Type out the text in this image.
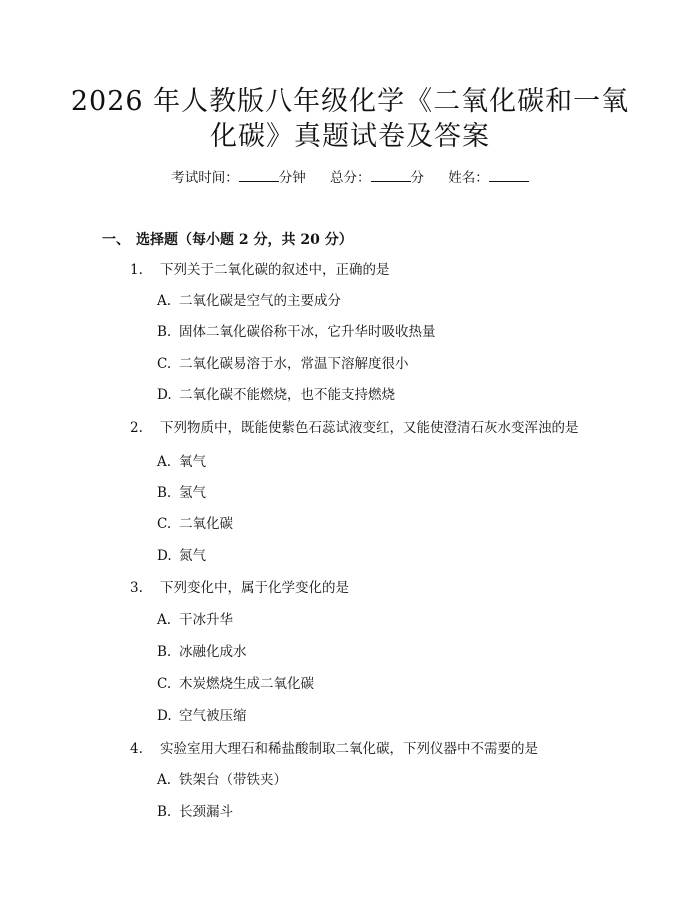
2026 年人教版八年级化学《二氧化碳和一氧
化碳》真题试卷及答案
考试时间：	分钟 总分：	分 姓名：
一、 选择题（每小题 2 分，共 20 分）
1. 下列关于二氧化碳的叙述中，正确的是
A. 二氧化碳是空气的主要成分
B. 固体二氧化碳俗称干冰，它升华时吸收热量
C. 二氧化碳易溶于水，常温下溶解度很小
D. 二氧化碳不能燃烧，也不能支持燃烧
2. 下列物质中，既能使紫色石蕊试液变红，又能使澄清石灰水变浑浊的是
A. 氧气
B. 氢气
C. 二氧化碳
D. 氮气
3. 下列变化中，属于化学变化的是
A. 干冰升华
B. 冰融化成水
C. 木炭燃烧生成二氧化碳
D. 空气被压缩
4. 实验室用大理石和稀盐酸制取二氧化碳，下列仪器中不需要的是
A. 铁架台（带铁夹）
B. 长颈漏斗
